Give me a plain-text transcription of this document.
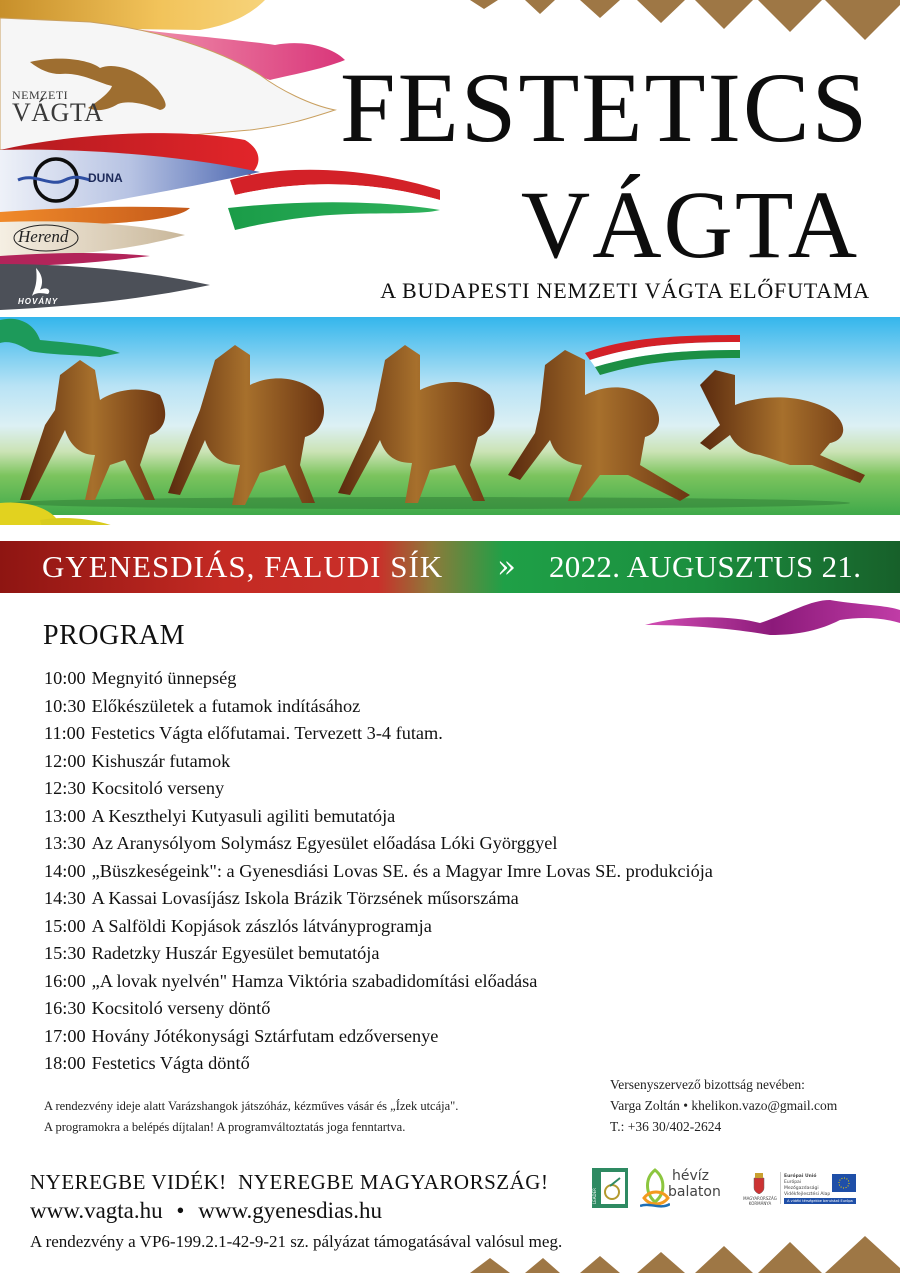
NEMZETI
VÁGTA
DUNA
Herend
HOVÁNY
FESTETICS
VÁGTA
A BUDAPESTI NEMZETI VÁGTA ELŐFUTAMA
GYENESDIÁS, FALUDI SÍK » 2022. AUGUSZTUS 21.
PROGRAM
10:00 Megnyitó ünnepség
10:30 Előkészületek a futamok indításához
11:00 Festetics Vágta előfutamai. Tervezett 3-4 futam.
12:00 Kishuszár futamok
12:30 Kocsitoló verseny
13:00 A Keszthelyi Kutyasuli agiliti bemutatója
13:30 Az Aranysólyom Solymász Egyesület előadása Lóki Györggyel
14:00 „Büszkeségeink": a Gyenesdiási Lovas SE. és a Magyar Imre Lovas SE. produkciója
14:30 A Kassai Lovasíjász Iskola Brázik Törzsének műsorszáma
15:00 A Salföldi Kopjások zászlós látványprogramja
15:30 Radetzky Huszár Egyesület bemutatója
16:00 „A lovak nyelvén" Hamza Viktória szabadidomítási előadása
16:30 Kocsitoló verseny döntő
17:00 Hovány Jótékonysági Sztárfutam edzőversenye
18:00 Festetics Vágta döntő
A rendezvény ideje alatt Varázshangok játszóház, kézműves vásár és „Ízek utcája".
A programokra a belépés díjtalan! A programváltoztatás joga fenntartva.
Versenyszervező bizottság nevében:
Varga Zoltán • khelikon.vazo@gmail.com
T.: +36 30/402-2624
NYEREGBE VIDÉK!  NYEREGBE MAGYARORSZÁG!
www.vagta.hu • www.gyenesdias.hu
A rendezvény a VP6-199.2.1-42-9-21 sz. pályázat támogatásával valósul meg.
LEADER
hévíz
balaton	MAGYARORSZÁG KORMÁNYA
Európai Unió
Európai Mezőgazdasági Vidékfejlesztési Alap
A vidéki térségekbe beruházó Európa
